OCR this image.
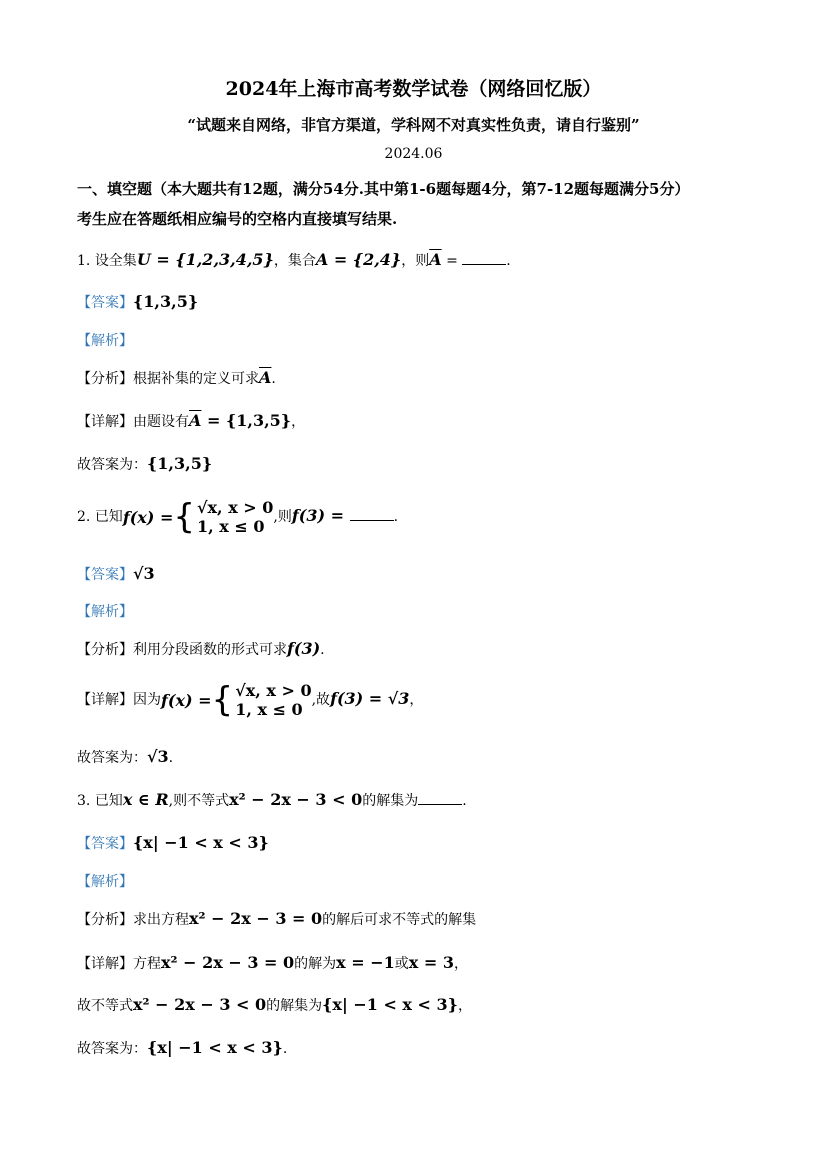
2024年上海市高考数学试卷（网络回忆版）
“试题来自网络，非官方渠道，学科网不对真实性负责，请自行鉴别”
2024.06
一、填空题（本大题共有12题，满分54分.其中第1-6题每题4分，第7-12题每题满分5分）
考生应在答题纸相应编号的空格内直接填写结果.
1. 设全集U = {1,2,3,4,5}，集合A = {2,4}，则$\overline{A}$ =	.
【答案】{1,3,5}
【解析】
【分析】根据补集的定义可求$\overline{A}$.
【详解】由题设有$\overline{A} = \{1,3,5\}$，
故答案为：{1,3,5}
2. 已知 f(x) = { √x, x > 0
1, x ≤ 0 ,则f(3) =	.
【答案】√3
【解析】
【分析】利用分段函数的形式可求f(3).
【详解】因为 f(x) = { √x, x > 0
1, x ≤ 0 ,故f(3) = √3，
故答案为：√3.
3. 已知x ∈ R,则不等式x² − 2x − 3 < 0的解集为	.
【答案】{x| −1 < x < 3}
【解析】
【分析】求出方程x² − 2x − 3 = 0的解后可求不等式的解集
【详解】方程x² − 2x − 3 = 0的解为x = −1或x = 3，
故不等式x² − 2x − 3 < 0的解集为{x| −1 < x < 3}，
故答案为：{x| −1 < x < 3}.
